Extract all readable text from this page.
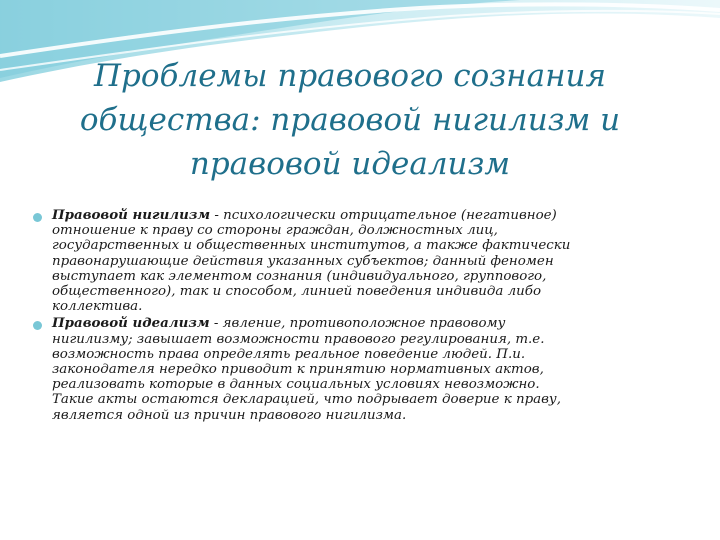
Проблемы правового сознания
общества: правовой нигилизм и
правовой идеализм
Правовой нигилизм - психологически отрицательное (негативное)
отношение к праву со стороны граждан, должностных лиц,
государственных и общественных институтов, а также фактически
правонарушающие действия указанных субъектов; данный феномен
выступает как элементом сознания (индивидуального, группового,
общественного), так и способом, линией поведения индивида либо
коллектива.
Правовой идеализм - явление, противоположное правовому
нигилизму; завышает возможности правового регулирования, т.е.
возможность права определять реальное поведение людей. П.и.
законодателя нередко приводит к принятию нормативных актов,
реализовать которые в данных социальных условиях невозможно.
Такие акты остаются декларацией, что подрывает доверие к праву,
является одной из причин правового нигилизма.
